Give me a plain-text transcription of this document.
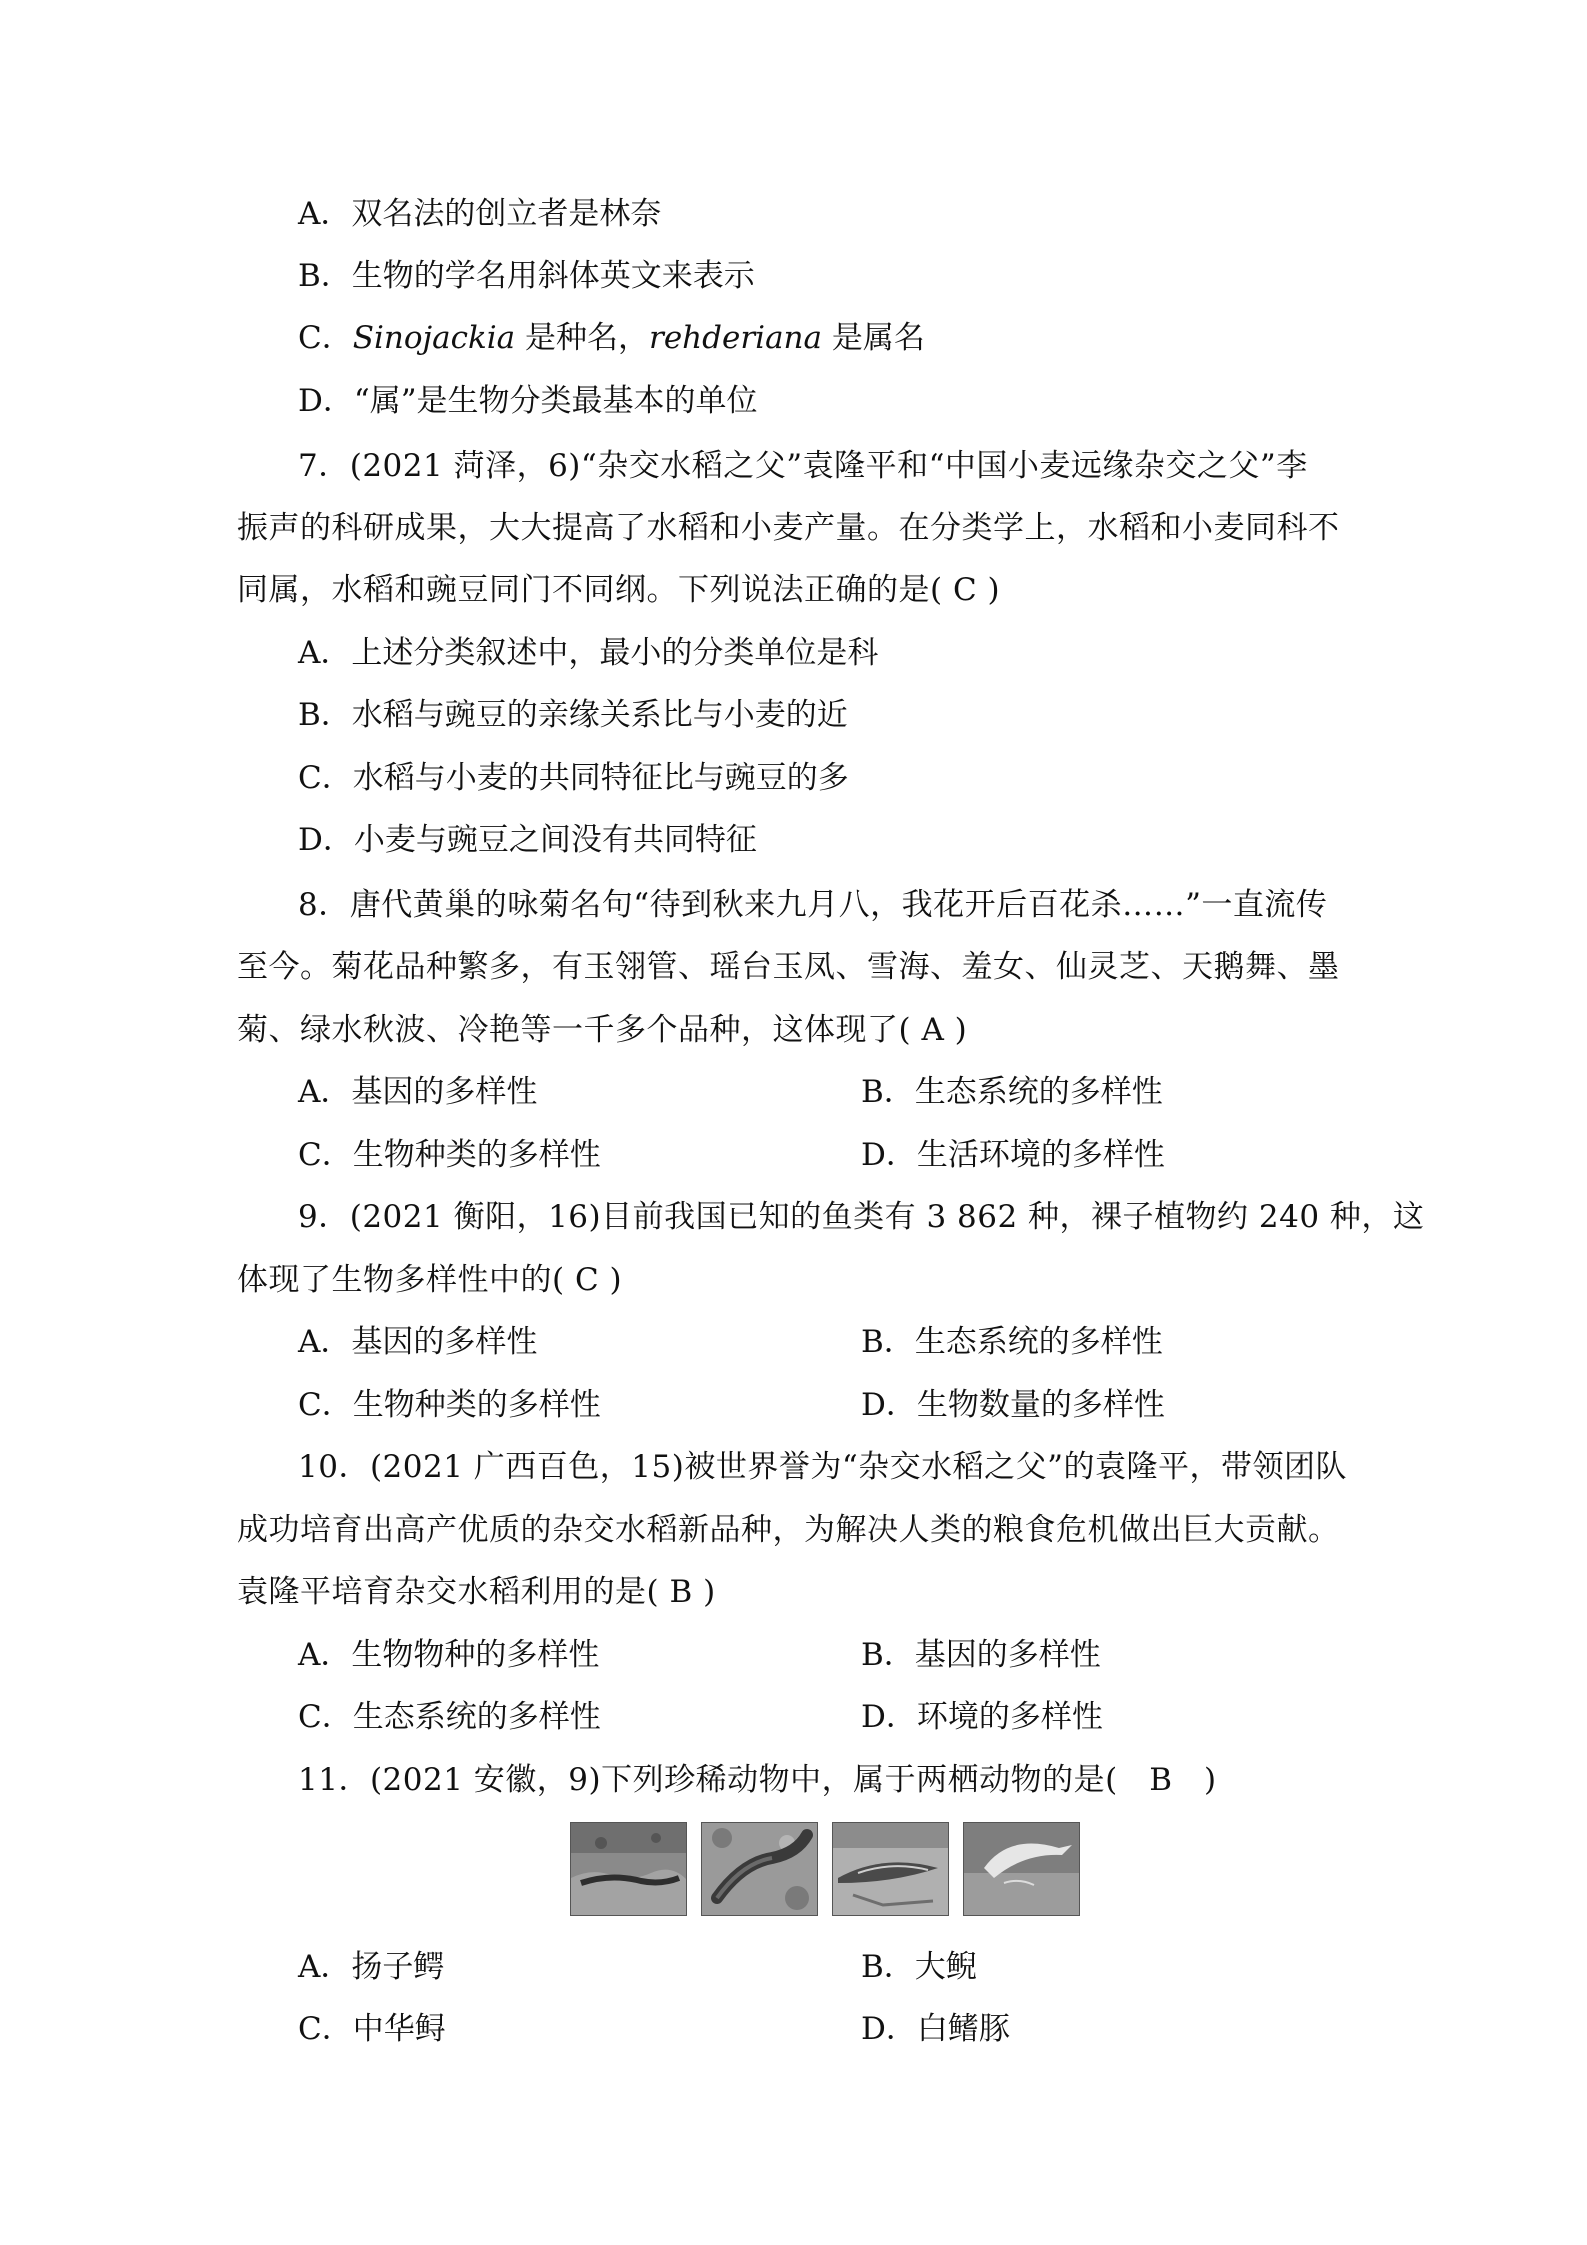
A．双名法的创立者是林奈
B．生物的学名用斜体英文来表示
C．Sinojackia 是种名，rehderiana 是属名
D．“属”是生物分类最基本的单位
7．(2021 菏泽，6)“杂交水稻之父”袁隆平和“中国小麦远缘杂交之父”李
振声的科研成果，大大提高了水稻和小麦产量。在分类学上，水稻和小麦同科不
同属，水稻和豌豆同门不同纲。下列说法正确的是( C )
A．上述分类叙述中，最小的分类单位是科
B．水稻与豌豆的亲缘关系比与小麦的近
C．水稻与小麦的共同特征比与豌豆的多
D．小麦与豌豆之间没有共同特征
8．唐代黄巢的咏菊名句“待到秋来九月八，我花开后百花杀……”一直流传
至今。菊花品种繁多，有玉翎管、瑶台玉凤、雪海、羞女、仙灵芝、天鹅舞、墨
菊、绿水秋波、冷艳等一千多个品种，这体现了( A )
A．基因的多样性	B．生态系统的多样性
C．生物种类的多样性	D．生活环境的多样性
9．(2021 衡阳，16)目前我国已知的鱼类有 3 862 种，裸子植物约 240 种，这
体现了生物多样性中的( C )
A．基因的多样性	B．生态系统的多样性
C．生物种类的多样性	D．生物数量的多样性
10．(2021 广西百色，15)被世界誉为“杂交水稻之父”的袁隆平，带领团队
成功培育出高产优质的杂交水稻新品种，为解决人类的粮食危机做出巨大贡献。
袁隆平培育杂交水稻利用的是( B )
A．生物物种的多样性	B．基因的多样性
C．生态系统的多样性	D．环境的多样性
11．(2021 安徽，9)下列珍稀动物中，属于两栖动物的是(　B　)
A．扬子鳄	B．大鲵
C．中华鲟	D．白鳍豚
